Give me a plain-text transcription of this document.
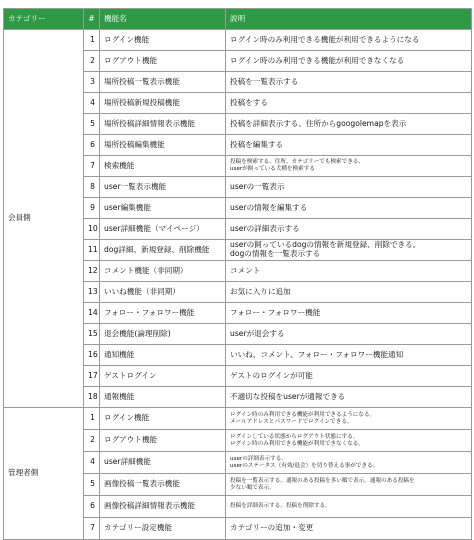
カテゴリー	#	機能名	説明
会員側	1	ログイン機能	ログイン時のみ利用できる機能が利用できるようになる

	2	ログアウト機能	ログイン時のみ利用できる機能が利用できなくなる

	3	場所投稿一覧表示機能	投稿を一覧表示する

	4	場所投稿新規投稿機能	投稿をする

	5	場所投稿詳細情報表示機能	投稿を詳細表示する、住所からgoogolemapを表示

	6	場所投稿編集機能	投稿を編集する

	7	検索機能	投稿を検索する、住所、カテゴリーでも検索できる、
userが飼っている犬種を検索する

	8	user一覧表示機能	userの一覧表示

	9	user編集機能	userの情報を編集する

	10	user詳細機能（マイページ）	userの詳細表示する

	11	dog詳細、新規登録、削除機能	userの飼っているdogの情報を新規登録、削除できる。
dogの情報を一覧表示する

	12	コメント機能（非同期）	コメント

	13	いいね機能（非同期）	お気に入りに追加

	14	フォロー・フォロワー機能	フォロー・フォロワー機能

	15	退会機能(論理削除)	userが退会する

	16	通知機能	いいね、コメント、フォロー・フォロワー機能通知

	17	ゲストログイン	ゲストのログインが可能

	18	通報機能	不適切な投稿をuserが通報できる

管理者側	1	ログイン機能	ログイン時のみ利用できる機能が利用できるようになる。
メールアドレスとパスワードでログインできる。

	2	ログアウト機能	ログインしている状態からログアウト状態にする。
ログイン時のみ利用できる機能が利用できなくなる。

	4	user詳細機能	userの詳細表示する。
userのステータス（有効/退会）を切り替える事ができる。

	5	画像投稿一覧表示機能	投稿を一覧表示する。通報のある投稿を多い順で表示。通報のある投稿を
少ない順で表示。

	6	画像投稿詳細情報表示機能	投稿を詳細表示する。投稿を削除する。

	7	カテゴリー設定機能	カテゴリーの追加・変更
